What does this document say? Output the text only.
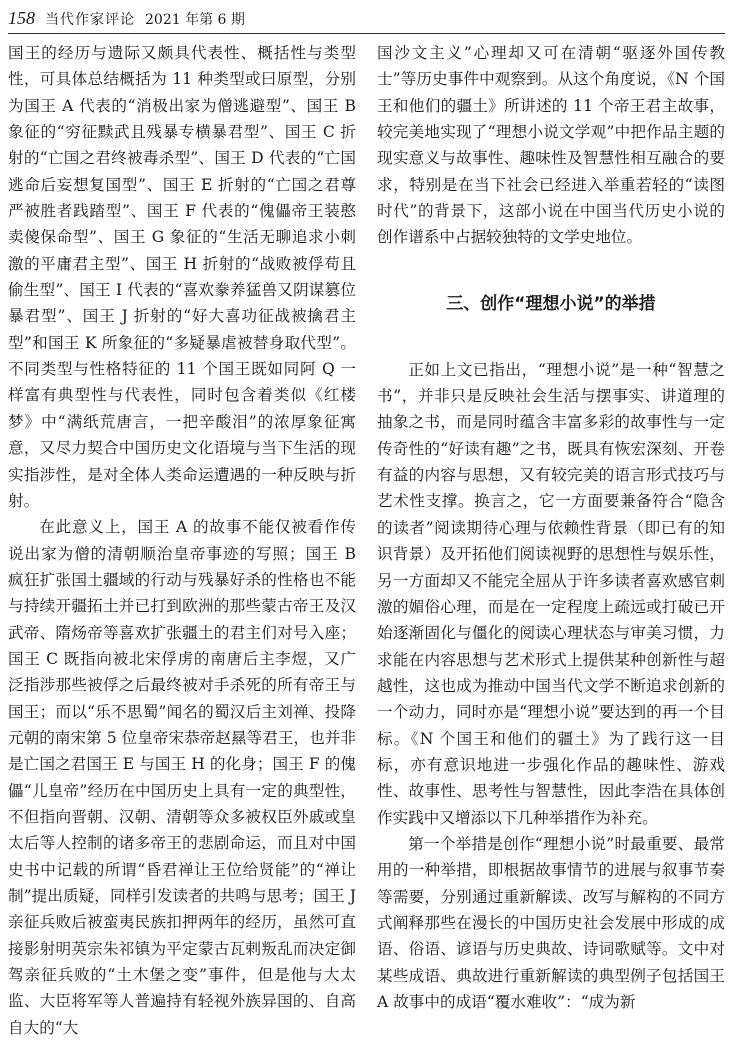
158 当代作家评论 2021 年第 6 期

国王的经历与遗际又颇具代表性、概括性与类型性，可具体总结概括为 11 种类型或曰原型，分别为国王 A 代表的“消极出家为僧逃避型”、国王 B 象征的“穷征黩武且残暴专横暴君型”、国王 C 折射的“亡国之君终被毒杀型”、国王 D 代表的“亡国逃命后妄想复国型”、国王 E 折射的“亡国之君尊严被胜者践踏型”、国王 F 代表的“傀儡帝王装憨卖傻保命型”、国王 G 象征的“生活无聊追求小刺激的平庸君主型”、国王 H 折射的“战败被俘苟且偷生型”、国王 I 代表的“喜欢豢养猛兽又阴谋篡位暴君型”、国王 J 折射的“好大喜功征战被擒君主型”和国王 K 所象征的“多疑暴虐被替身取代型”。不同类型与性格特征的 11 个国王既如同阿 Q 一样富有典型性与代表性，同时包含着类似《红楼梦》中“满纸荒唐言，一把辛酸泪”的浓厚象征寓意，又尽力契合中国历史文化语境与当下生活的现实指涉性，是对全体人类命运遭遇的一种反映与折射。

在此意义上，国王 A 的故事不能仅被看作传说出家为僧的清朝顺治皇帝事迹的写照；国王 B 疯狂扩张国土疆域的行动与残暴好杀的性格也不能与持续开疆拓土并已打到欧洲的那些蒙古帝王及汉武帝、隋炀帝等喜欢扩张疆土的君主们对号入座；国王 C 既指向被北宋俘虏的南唐后主李煜，又广泛指涉那些被俘之后最终被对手杀死的所有帝王与国王；而以“乐不思蜀”闻名的蜀汉后主刘禅、投降元朝的南宋第 5 位皇帝宋恭帝赵㬎等君王，也并非是亡国之君国王 E 与国王 H 的化身；国王 F 的傀儡“儿皇帝”经历在中国历史上具有一定的典型性，不但指向晋朝、汉朝、清朝等众多被权臣外戚或皇太后等人控制的诸多帝王的悲剧命运，而且对中国史书中记载的所谓“昏君禅让王位给贤能”的“禅让制”提出质疑，同样引发读者的共鸣与思考；国王 J 亲征兵败后被蛮夷民族扣押两年的经历，虽然可直接影射明英宗朱祁镇为平定蒙古瓦剌叛乱而决定御驾亲征兵败的“土木堡之变”事件，但是他与大太监、大臣将军等人普遍持有轻视外族异国的、自高自大的“大

国沙文主义”心理却又可在清朝“驱逐外国传教士”等历史事件中观察到。从这个角度说，《N 个国王和他们的疆土》所讲述的 11 个帝王君主故事，较完美地实现了“理想小说文学观”中把作品主题的现实意义与故事性、趣味性及智慧性相互融合的要求，特别是在当下社会已经进入举重若轻的“读图时代”的背景下，这部小说在中国当代历史小说的创作谱系中占据较独特的文学史地位。

三、创作“理想小说”的举措

正如上文已指出，“理想小说”是一种“智慧之书”，并非只是反映社会生活与摆事实、讲道理的抽象之书，而是同时蕴含丰富多彩的故事性与一定传奇性的“好读有趣”之书，既具有恢宏深刻、开卷有益的内容与思想，又有较完美的语言形式技巧与艺术性支撑。换言之，它一方面要兼备符合“隐含的读者”阅读期待心理与依赖性背景（即已有的知识背景）及开拓他们阅读视野的思想性与娱乐性，另一方面却又不能完全屈从于许多读者喜欢感官刺激的媚俗心理，而是在一定程度上疏远或打破已开始逐渐固化与僵化的阅读心理状态与审美习惯，力求能在内容思想与艺术形式上提供某种创新性与超越性，这也成为推动中国当代文学不断追求创新的一个动力，同时亦是“理想小说”要达到的再一个目标。《N 个国王和他们的疆土》为了践行这一目标，亦有意识地进一步强化作品的趣味性、游戏性、故事性、思考性与智慧性，因此李浩在具体创作实践中又增添以下几种举措作为补充。

第一个举措是创作“理想小说”时最重要、最常用的一种举措，即根据故事情节的进展与叙事节奏等需要，分别通过重新解读、改写与解构的不同方式阐释那些在漫长的中国历史社会发展中形成的成语、俗语、谚语与历史典故、诗词歌赋等。文中对某些成语、典故进行重新解读的典型例子包括国王 A 故事中的成语“覆水难收”：“成为新
